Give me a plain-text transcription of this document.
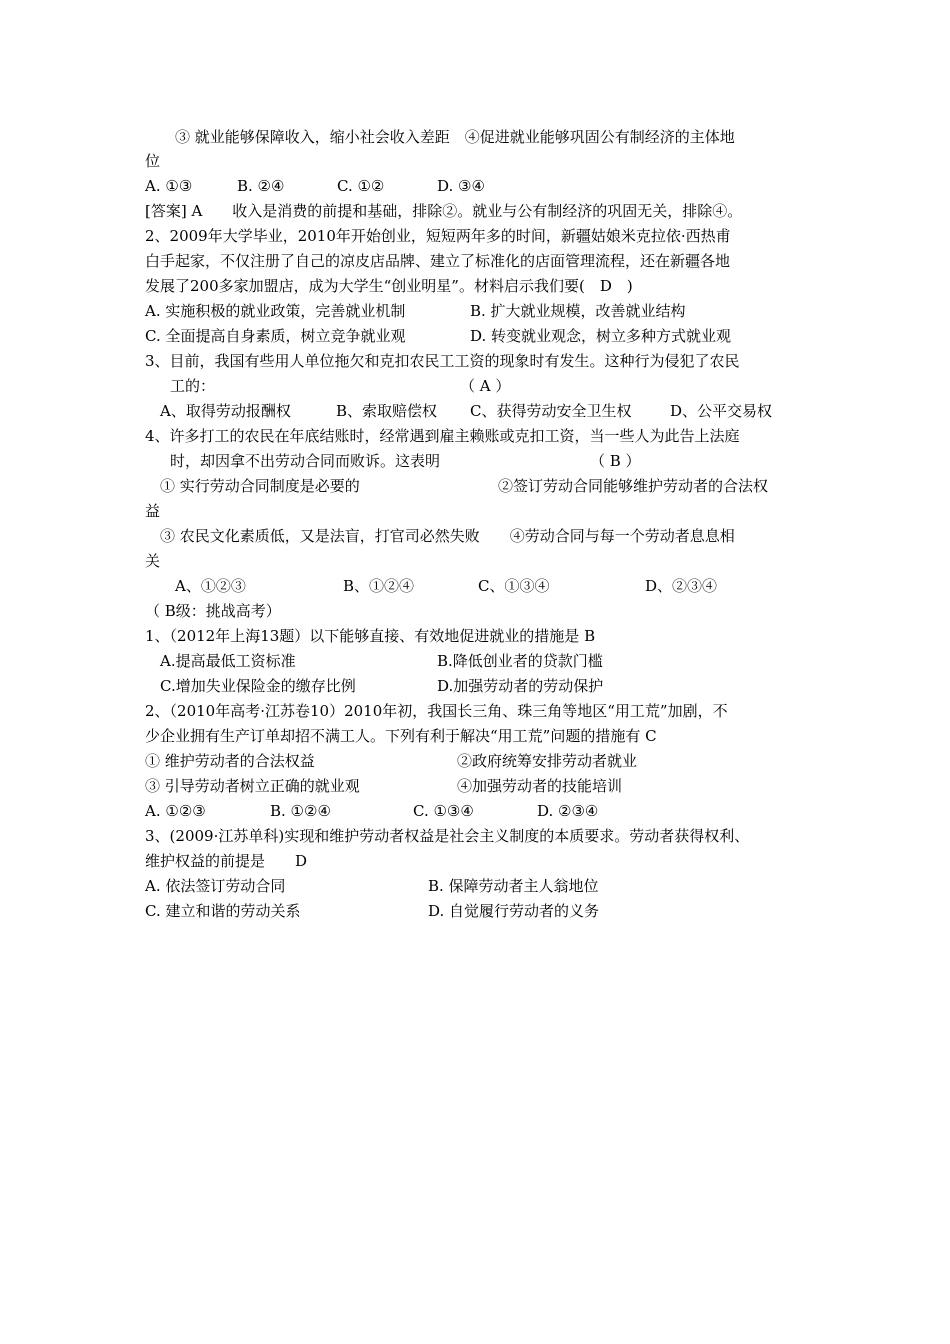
③ 就业能够保障收入，缩小社会收入差距　④促进就业能够巩固公有制经济的主体地
位
A. ①③	B. ②④	C. ①②	D. ③④
[答案] A　　收入是消费的前提和基础，排除②。就业与公有制经济的巩固无关，排除④。
2、2009年大学毕业，2010年开始创业，短短两年多的时间，新疆姑娘米克拉依·西热甫
白手起家，不仅注册了自己的凉皮店品牌、建立了标准化的店面管理流程，还在新疆各地
发展了200多家加盟店，成为大学生“创业明星”。材料启示我们要(　D　)
A. 实施积极的就业政策，完善就业机制	B. 扩大就业规模，改善就业结构
C. 全面提高自身素质，树立竞争就业观	D. 转变就业观念，树立多种方式就业观
3、目前，我国有些用人单位拖欠和克扣农民工工资的现象时有发生。这种行为侵犯了农民
工的：	（ A ）
A、取得劳动报酬权	B、索取赔偿权 C、获得劳动安全卫生权	D、公平交易权
4、许多打工的农民在年底结账时，经常遇到雇主赖账或克扣工资，当一些人为此告上法庭
时，却因拿不出劳动合同而败诉。这表明	（ B ）
① 实行劳动合同制度是必要的	②签订劳动合同能够维护劳动者的合法权
益
③ 农民文化素质低，又是法盲，打官司必然失败　　④劳动合同与每一个劳动者息息相
关
A、①②③	B、①②④	C、①③④	D、②③④
（ B级：挑战高考）
1、（2012年上海13题）以下能够直接、有效地促进就业的措施是 B
A.提高最低工资标准	B.降低创业者的贷款门槛
C.增加失业保险金的缴存比例	D.加强劳动者的劳动保护
2、（2010年高考·江苏卷10）2010年初，我国长三角、珠三角等地区“用工荒”加剧，不
少企业拥有生产订单却招不满工人。下列有利于解决“用工荒”问题的措施有 C
① 维护劳动者的合法权益	②政府统筹安排劳动者就业
③ 引导劳动者树立正确的就业观	④加强劳动者的技能培训
A. ①②③	B. ①②④	C. ①③④	D. ②③④
3、(2009·江苏单科)实现和维护劳动者权益是社会主义制度的本质要求。劳动者获得权利、
维护权益的前提是　　D
A. 依法签订劳动合同	B. 保障劳动者主人翁地位
C. 建立和谐的劳动关系	D. 自觉履行劳动者的义务
